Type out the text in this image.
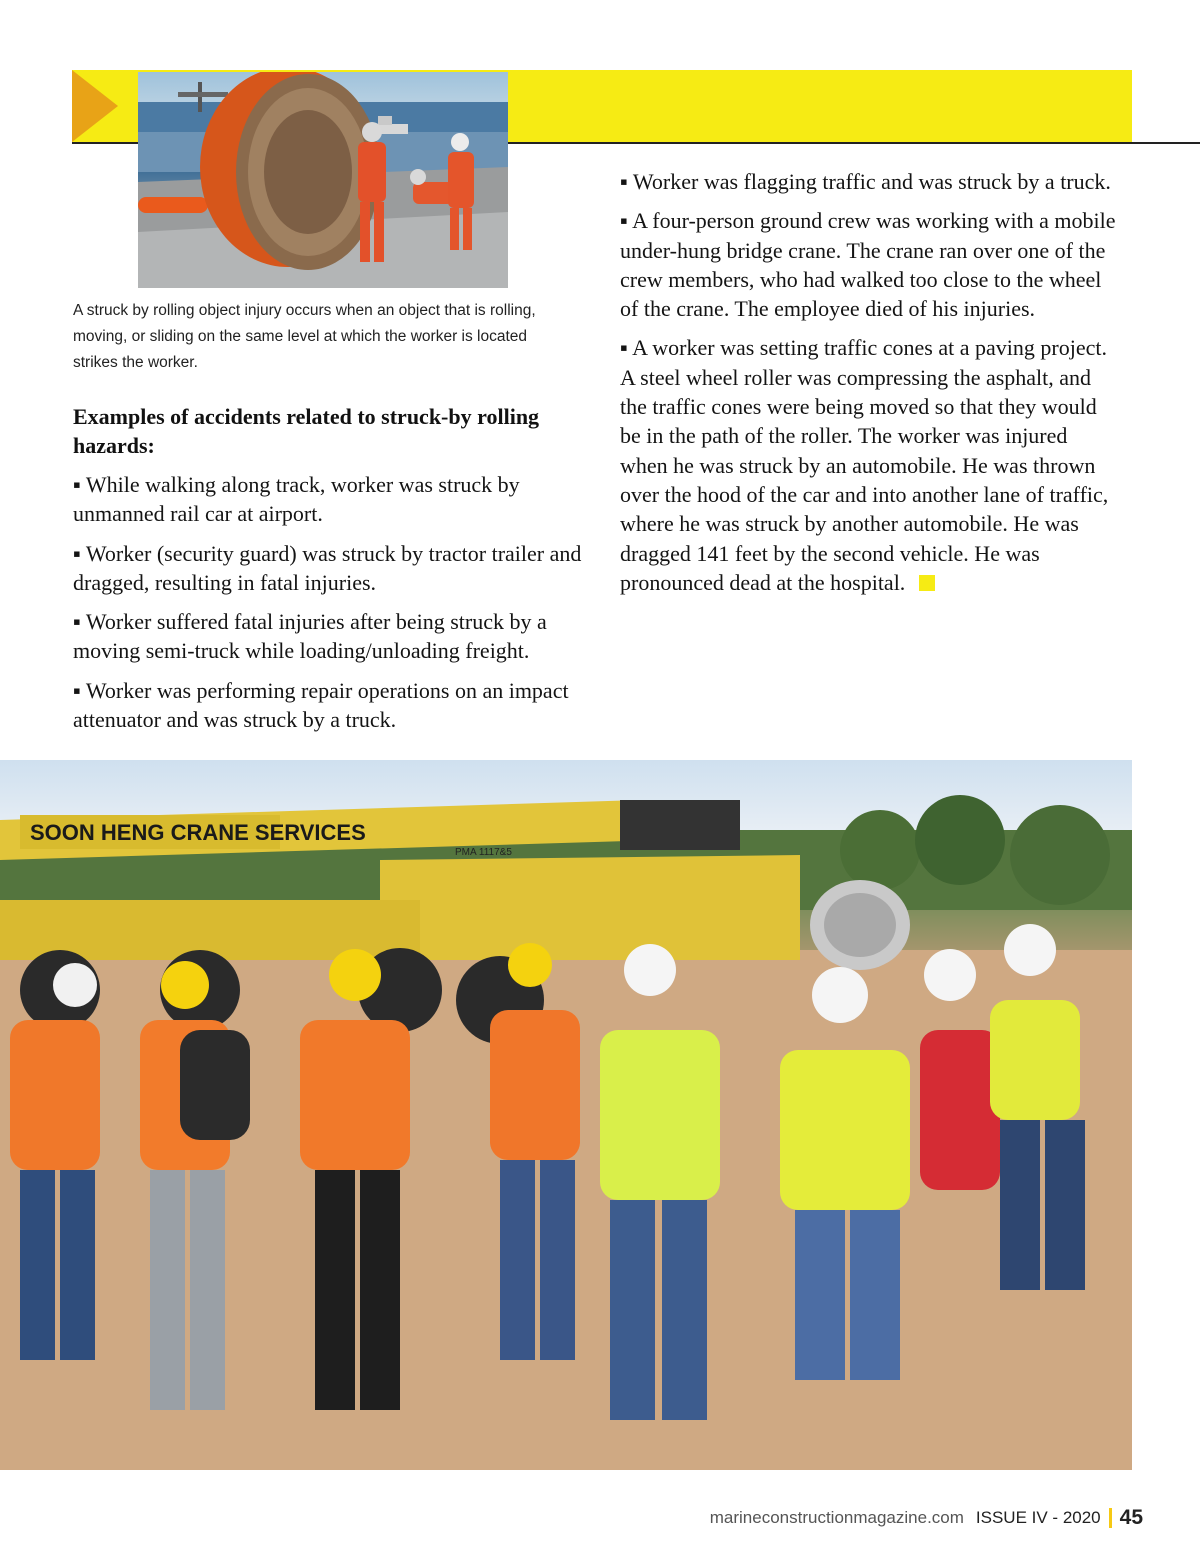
A struck by rolling object injury occurs when an object that is rolling, moving, or sliding on the same level at which the worker is located strikes the worker.
Examples of accidents related to struck-by rolling hazards:

▪ While walking along track, worker was struck by unmanned rail car at airport.

▪ Worker (security guard) was struck by tractor trailer and dragged, resulting in fatal injuries.

▪ Worker suffered fatal injuries after being struck by a moving semi-truck while loading/unloading freight.

▪ Worker was performing repair operations on an impact attenuator and was struck by a truck.

▪ Worker was flagging traffic and was struck by a truck.

▪ A four-person ground crew was working with a mobile under-hung bridge crane. The crane ran over one of the crew members, who had walked too close to the wheel of the crane. The employee died of his injuries.

▪ A worker was setting traffic cones at a paving project. A steel wheel roller was compressing the asphalt, and the traffic cones were being moved so that they would be in the path of the roller. The worker was injured when he was struck by an automobile. He was thrown over the hood of the car and into another lane of traffic, where he was struck by another automobile. He was dragged 141 feet by the second vehicle. He was pronounced dead at the hospital.

SOON HENG CRANE SERVICES
PMA 1117&5
marineconstructionmagazine.com ISSUE IV - 2020 45
